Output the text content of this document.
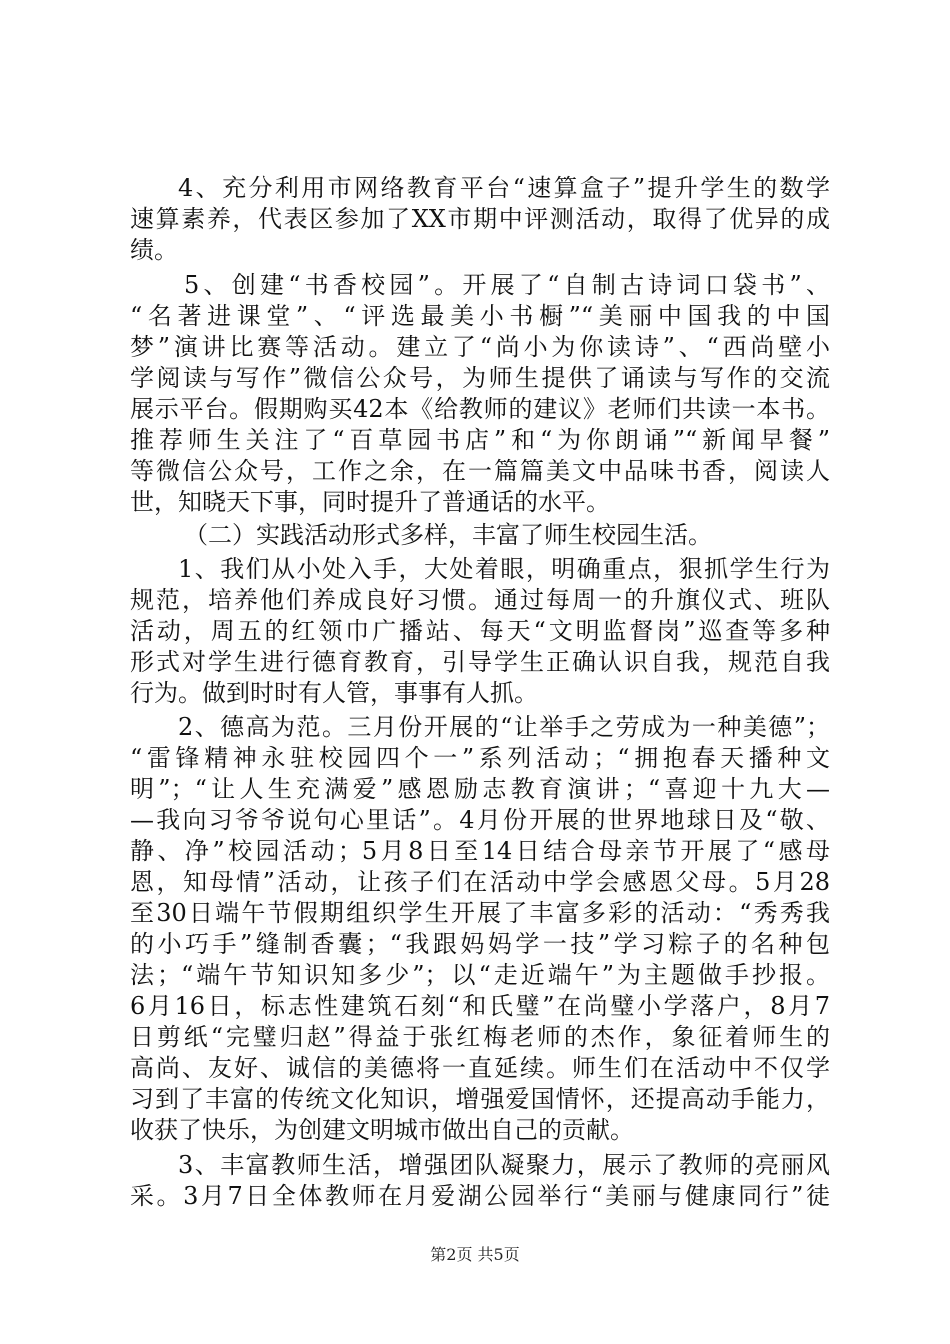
4、充分利用市网络教育平台“速算盒子”提升学生的数学
速算素养，代表区参加了XX市期中评测活动，取得了优异的成
绩。
5、创建“书香校园”。开展了“自制古诗词口袋书”、
“名著进课堂”、“评选最美小书橱”“美丽中国我的中国
梦”演讲比赛等活动。建立了“尚小为你读诗”、“西尚壁小
学阅读与写作”微信公众号，为师生提供了诵读与写作的交流
展示平台。假期购买42本《给教师的建议》老师们共读一本书。
推荐师生关注了“百草园书店”和“为你朗诵”“新闻早餐”
等微信公众号，工作之余，在一篇篇美文中品味书香，阅读人
世，知晓天下事，同时提升了普通话的水平。
（二）实践活动形式多样，丰富了师生校园生活。
1、我们从小处入手，大处着眼，明确重点，狠抓学生行为
规范，培养他们养成良好习惯。通过每周一的升旗仪式、班队
活动，周五的红领巾广播站、每天“文明监督岗”巡查等多种
形式对学生进行德育教育，引导学生正确认识自我，规范自我
行为。做到时时有人管，事事有人抓。
2、德高为范。三月份开展的“让举手之劳成为一种美德”；
“雷锋精神永驻校园四个一”系列活动；“拥抱春天播种文
明”；“让人生充满爱”感恩励志教育演讲；“喜迎十九大—
—我向习爷爷说句心里话”。4月份开展的世界地球日及“敬、
静、净”校园活动；5月8日至14日结合母亲节开展了“感母
恩，知母情”活动，让孩子们在活动中学会感恩父母。5月28
至30日端午节假期组织学生开展了丰富多彩的活动：“秀秀我
的小巧手”缝制香囊；“我跟妈妈学一技”学习粽子的名种包
法；“端午节知识知多少”；以“走近端午”为主题做手抄报。
6月16日，标志性建筑石刻“和氏璧”在尚璧小学落户，8月7
日剪纸“完璧归赵”得益于张红梅老师的杰作，象征着师生的
高尚、友好、诚信的美德将一直延续。师生们在活动中不仅学
习到了丰富的传统文化知识，增强爱国情怀，还提高动手能力，
收获了快乐，为创建文明城市做出自己的贡献。
3、丰富教师生活，增强团队凝聚力，展示了教师的亮丽风
采。3月7日全体教师在月爱湖公园举行“美丽与健康同行”徒
第2页 共5页
